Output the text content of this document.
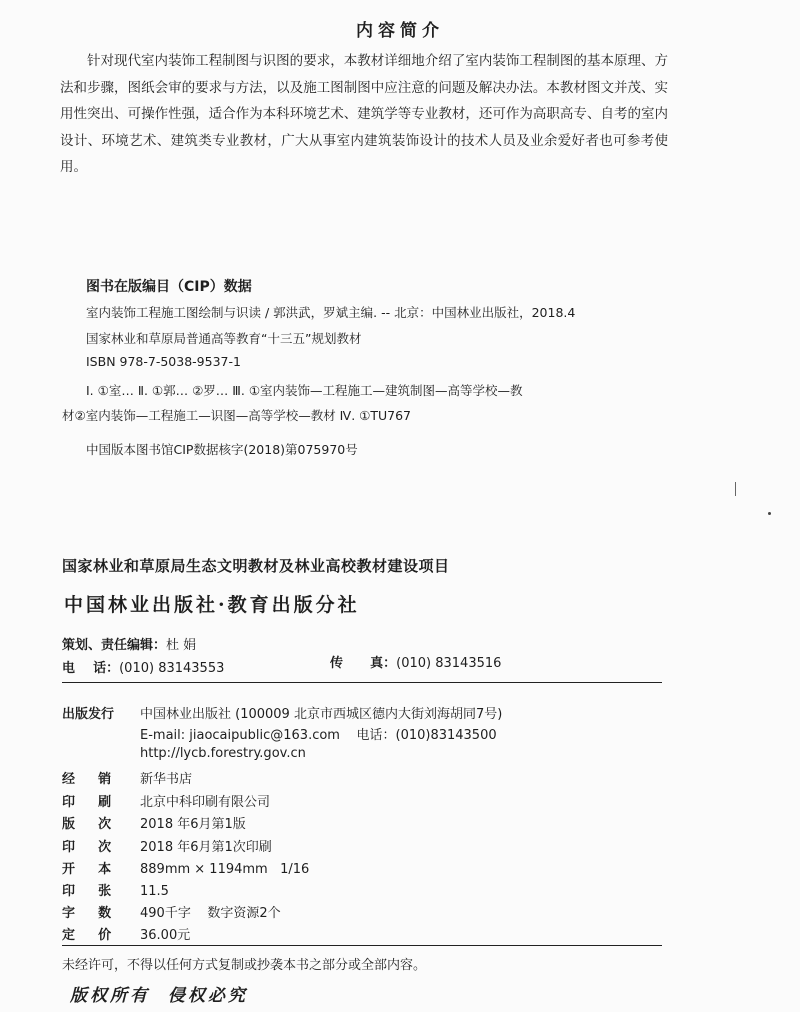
内容简介
针对现代室内装饰工程制图与识图的要求，本教材详细地介绍了室内装饰工程制图的基本原理、方法和步骤，图纸会审的要求与方法，以及施工图制图中应注意的问题及解决办法。本教材图文并茂、实用性突出、可操作性强，适合作为本科环境艺术、建筑学等专业教材，还可作为高职高专、自考的室内设计、环境艺术、建筑类专业教材，广大从事室内建筑装饰设计的技术人员及业余爱好者也可参考使用。
图书在版编目（CIP）数据
室内装饰工程施工图绘制与识读 / 郭洪武，罗斌主编. -- 北京：中国林业出版社，2018.4
国家林业和草原局普通高等教育“十三五”规划教材
ISBN 978-7-5038-9537-1
Ⅰ. ①室… Ⅱ. ①郭… ②罗… Ⅲ. ①室内装饰—工程施工—建筑制图—高等学校—教
材②室内装饰—工程施工—识图—高等学校—教材 Ⅳ. ①TU767
中国版本图书馆CIP数据核字(2018)第075970号
国家林业和草原局生态文明教材及林业高校教材建设项目
中国林业出版社·教育出版分社
策划、责任编辑：杜 娟
电    话：(010) 83143553	传      真：(010) 83143516
出版发行 中国林业出版社 (100009 北京市西城区德内大街刘海胡同7号)
E-mail: jiaocaipublic@163.com    电话：(010)83143500
http://lycb.forestry.gov.cn
经    销 新华书店
印    刷 北京中科印刷有限公司
版    次 2018 年6月第1版
印    次 2018 年6月第1次印刷
开    本 889mm × 1194mm   1/16
印    张 11.5
字    数 490千字    数字资源2个
定    价 36.00元
未经许可，不得以任何方式复制或抄袭本书之部分或全部内容。
版权所有  侵权必究
